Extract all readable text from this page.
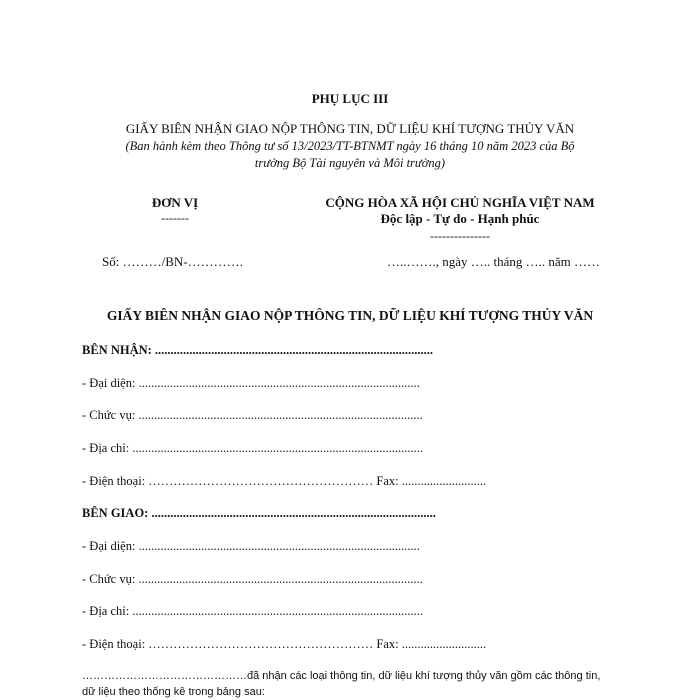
PHỤ LỤC III
GIẤY BIÊN NHẬN GIAO NỘP THÔNG TIN, DỮ LIỆU KHÍ TƯỢNG THỦY VĂN
(Ban hành kèm theo Thông tư số 13/2023/TT-BTNMT ngày 16 tháng 10 năm 2023 của Bộ
trưởng Bộ Tài nguyên và Môi trường)
ĐƠN VỊ
-------
CỘNG HÒA XÃ HỘI CHỦ NGHĨA VIỆT NAM
Độc lập - Tự do - Hạnh phúc
---------------
Số: ………/BN-………….	…..……., ngày ….. tháng ….. năm ……
GIẤY BIÊN NHẬN GIAO NỘP THÔNG TIN, DỮ LIỆU KHÍ TƯỢNG THỦY VĂN
BÊN NHẬN: .........................................................................................
- Đại diện: ..........................................................................................
- Chức vụ: ...........................................................................................
- Địa chỉ: .............................................................................................
- Điện thoại: ……………………………………………… Fax: ...........................
BÊN GIAO: ...........................................................................................
- Đại diện: ..........................................................................................
- Chức vụ: ...........................................................................................
- Địa chỉ: .............................................................................................
- Điện thoại: ……………………………………………… Fax: ...........................
………………………………………đã nhận các loại thông tin, dữ liệu khí tượng thủy văn gồm các thông tin,
dữ liệu theo thống kê trong bảng sau:
